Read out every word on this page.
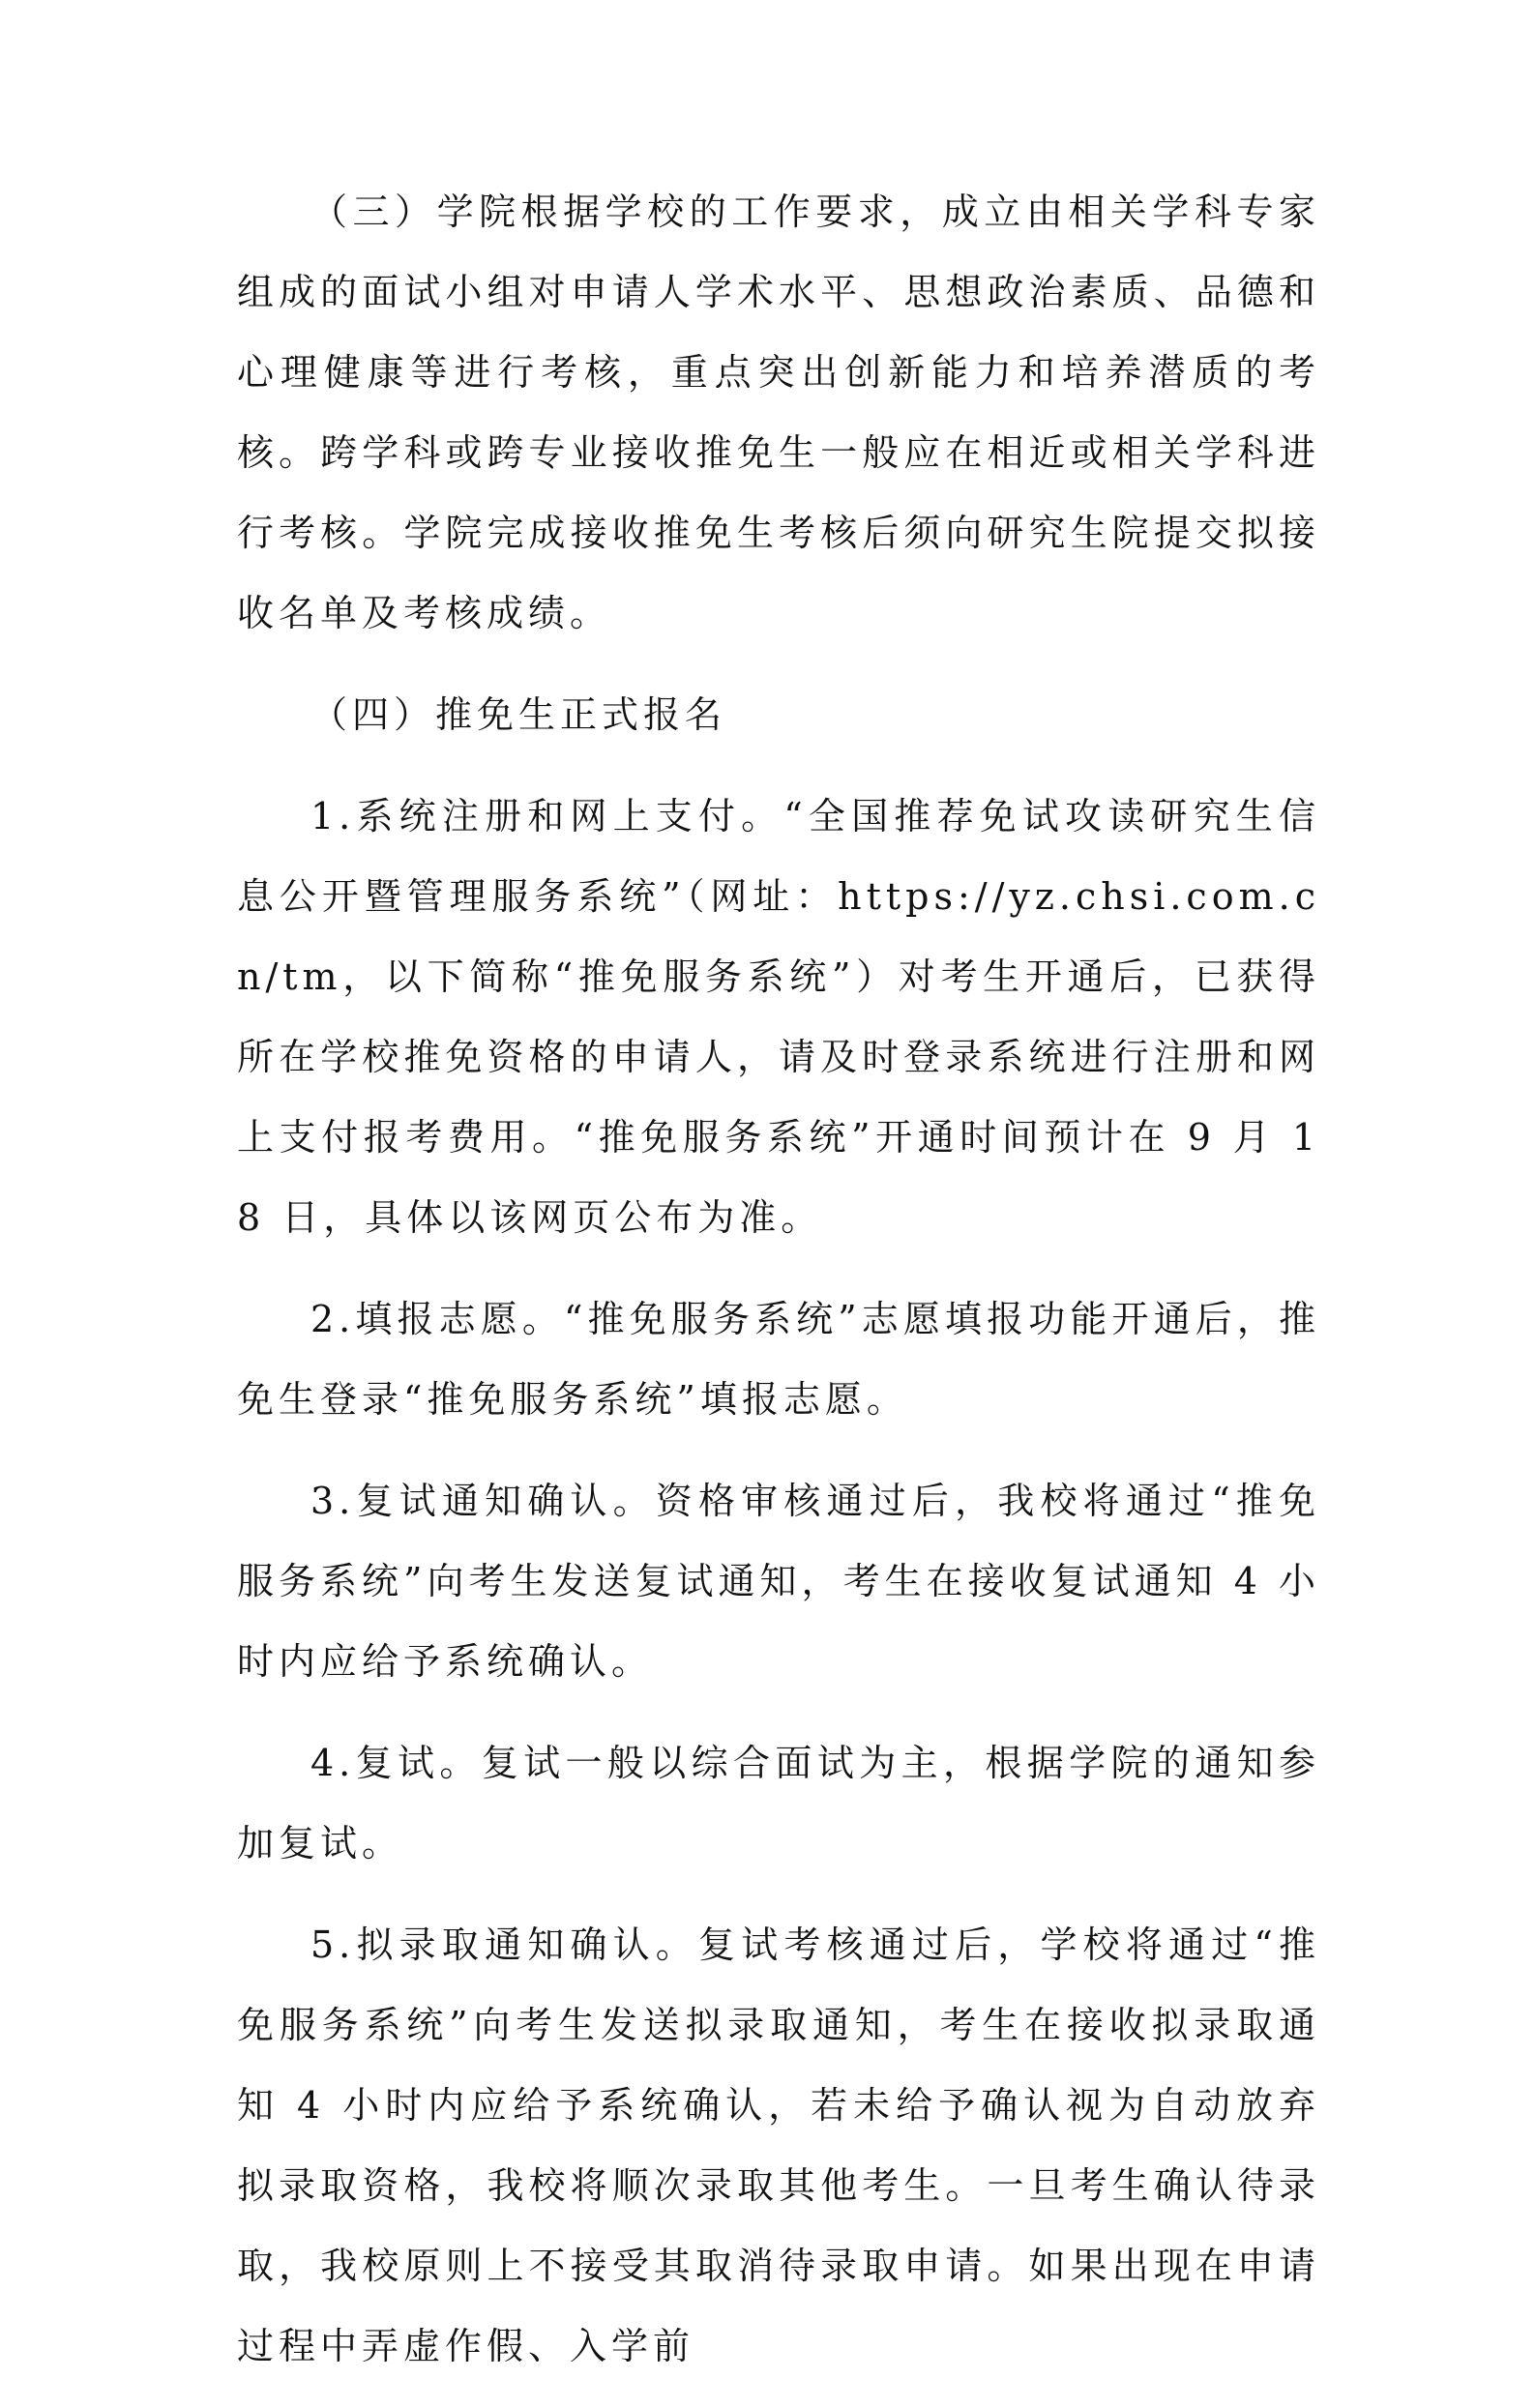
（三）学院根据学校的工作要求，成立由相关学科专家组成的面试小组对申请人学术水平、思想政治素质、品德和心理健康等进行考核，重点突出创新能力和培养潜质的考核。跨学科或跨专业接收推免生一般应在相近或相关学科进行考核。学院完成接收推免生考核后须向研究生院提交拟接收名单及考核成绩。

（四）推免生正式报名

1.系统注册和网上支付。“全国推荐免试攻读研究生信息公开暨管理服务系统”（网址：https://yz.chsi.com.cn/tm，以下简称“推免服务系统”）对考生开通后，已获得所在学校推免资格的申请人，请及时登录系统进行注册和网上支付报考费用。“推免服务系统”开通时间预计在 9 月 18 日，具体以该网页公布为准。

2.填报志愿。“推免服务系统”志愿填报功能开通后，推免生登录“推免服务系统”填报志愿。

3.复试通知确认。资格审核通过后，我校将通过“推免服务系统”向考生发送复试通知，考生在接收复试通知 4 小时内应给予系统确认。

4.复试。复试一般以综合面试为主，根据学院的通知参加复试。

5.拟录取通知确认。复试考核通过后，学校将通过“推免服务系统”向考生发送拟录取通知，考生在接收拟录取通知 4 小时内应给予系统确认，若未给予确认视为自动放弃拟录取资格，我校将顺次录取其他考生。一旦考生确认待录取，我校原则上不接受其取消待录取申请。如果出现在申请过程中弄虚作假、入学前
